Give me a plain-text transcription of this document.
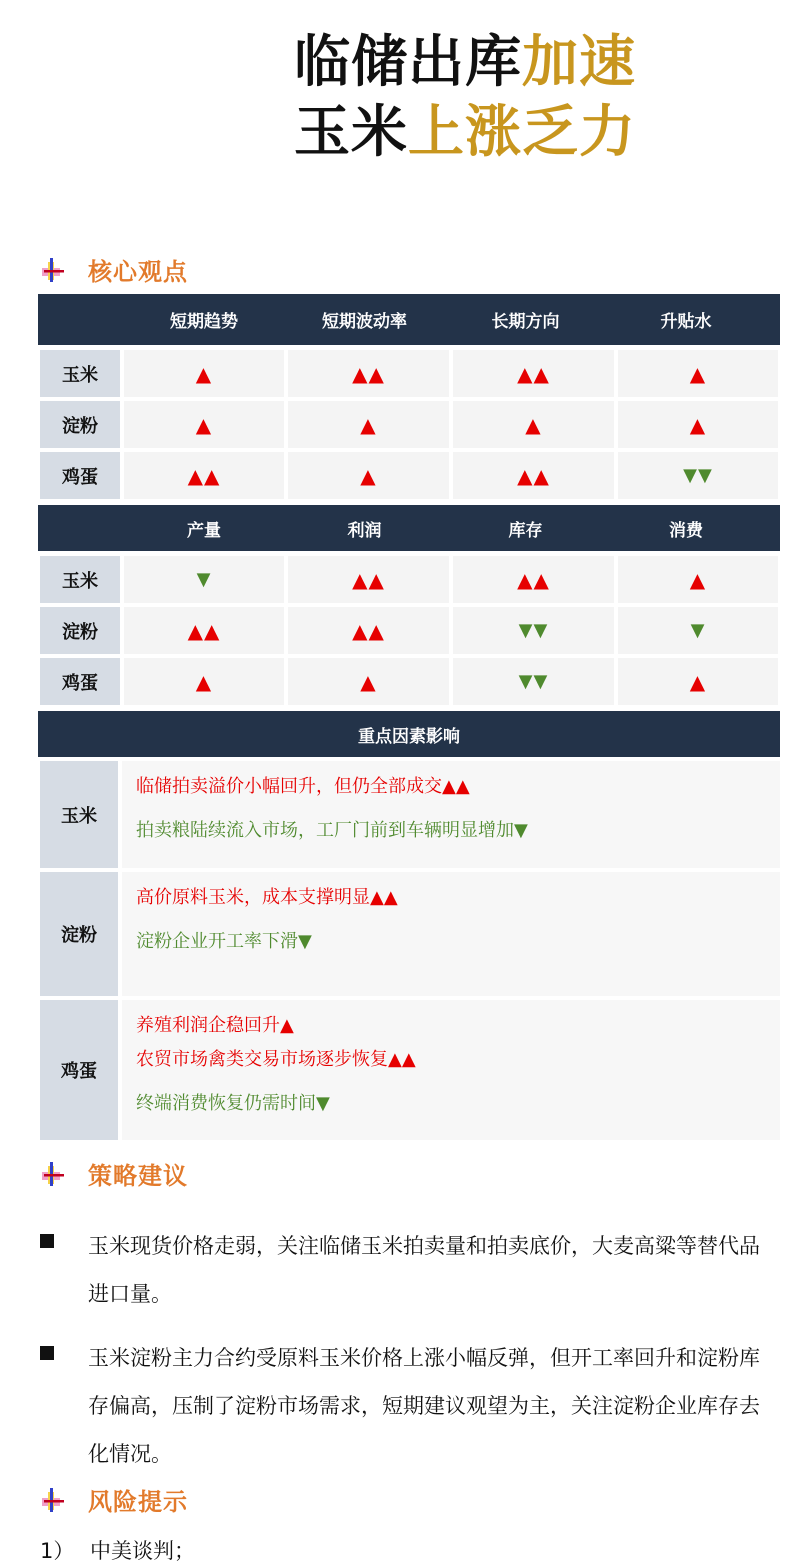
临储出库加速
玉米上涨乏力
核心观点
短期趋势	短期波动率	长期方向	升贴水
玉米	▲	▲▲	▲▲	▲
淀粉	▲	▲	▲	▲
鸡蛋	▲▲	▲	▲▲	▼▼
产量	利润	库存	消费
玉米	▼	▲▲	▲▲	▲
淀粉	▲▲	▲▲	▼▼	▼
鸡蛋	▲	▲	▼▼	▲
重点因素影响
玉米
临储拍卖溢价小幅回升，但仍全部成交▲▲
拍卖粮陆续流入市场，工厂门前到车辆明显增加▼
淀粉
高价原料玉米，成本支撑明显▲▲
淀粉企业开工率下滑▼
鸡蛋
养殖利润企稳回升▲
农贸市场禽类交易市场逐步恢复▲▲
终端消费恢复仍需时间▼
策略建议
玉米现货价格走弱，关注临储玉米拍卖量和拍卖底价，大麦高粱等替代品进口量。
玉米淀粉主力合约受原料玉米价格上涨小幅反弹，但开工率回升和淀粉库存偏高，压制了淀粉市场需求，短期建议观望为主，关注淀粉企业库存去化情况。
风险提示
1） 中美谈判；
